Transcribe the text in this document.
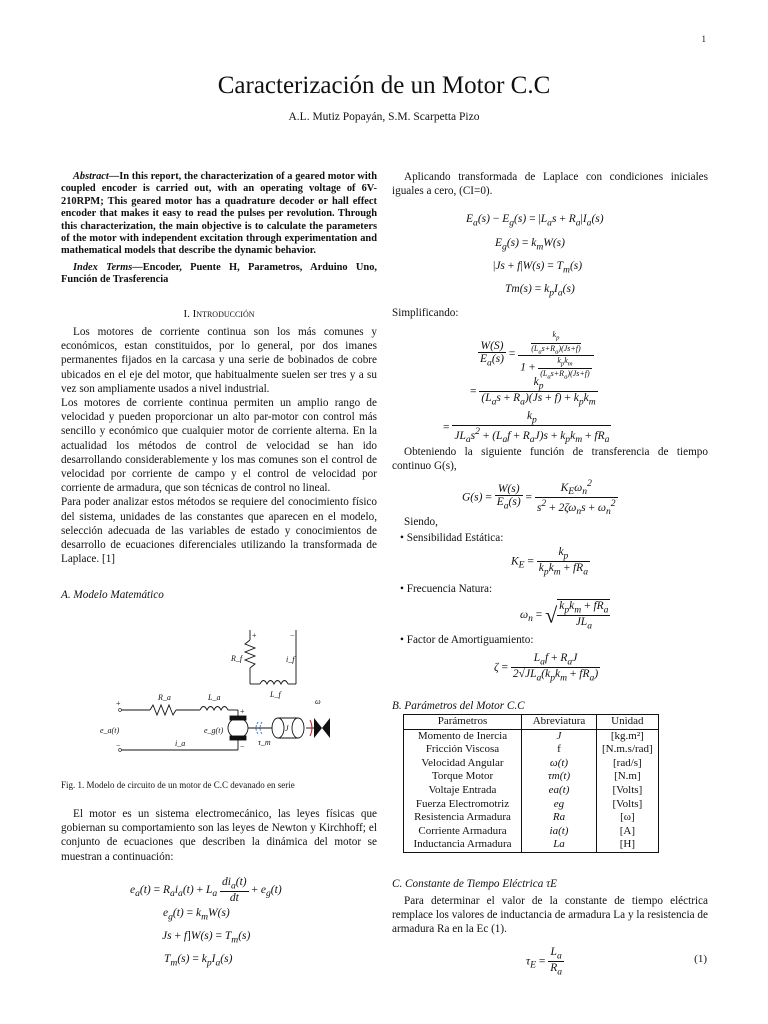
1
Caracterización de un Motor C.C
A.L. Mutiz Popayán, S.M. Scarpetta Pizo
Abstract—In this report, the characterization of a geared motor with coupled encoder is carried out, with an operating voltage of 6V-210RPM; This geared motor has a quadrature decoder or hall effect encoder that makes it easy to read the pulses per revolution. Through this characterization, the main objective is to calculate the parameters of the motor with independent excitation through experimentation and mathematical models that describe the dynamic behavior.
Index Terms—Encoder, Puente H, Parametros, Arduino Uno, Función de Trasferencia
I. Introducción
Los motores de corriente continua son los más comunes y económicos, estan constituidos, por lo general, por dos imanes permanentes fijados en la carcasa y una serie de bobinados de cobre ubicados en el eje del motor, que habitualmente suelen ser tres y a su vez son ampliamente usados a nivel industrial.
Los motores de corriente continua permiten un amplio rango de velocidad y pueden proporcionar un alto par-motor con control más sencillo y económico que cualquier motor de corriente alterna. En la actualidad los métodos de control de velocidad se han ido desarrollando considerablemente y los mas comunes son el control de velocidad por corriente de campo y el control de velocidad por corriente de armadura, que son técnicas de control no lineal.
Para poder analizar estos métodos se requiere del conocimiento físico del sistema, unidades de las constantes que aparecen en el modelo, selección adecuada de las variables de estado y conocimientos de desarrollo de ecuaciones diferenciales utilizando la transformada de Laplace. [1]
A. Modelo Matemático
+
−
+	−
R_f	i_f
L_f
R_a	L_a
e_a(t)	e_g(t)
i_a	τ_m
J
ω
+
−
Fig. 1. Modelo de circuito de un motor de C.C devanado en serie
El motor es un sistema electromecánico, las leyes físicas que gobiernan su comportamiento son las leyes de Newton y Kirchhoff; el conjunto de ecuaciones que describen la dinámica del motor se muestran a continuación:
$e_a(t) = R_ai_a(t) + L_a \frac{di_a(t)}{dt} + e_g(t)$
$e_g(t) = k_mW(s)$
$Js + f]W(s) = T_m(s)$
$T_m(s) = k_pI_a(s)$
Aplicando transformada de Laplace con condiciones iniciales iguales a cero, (CI=0).
$E_a(s) - E_g(s) = |L_as + R_a|I_a(s)$
$E_g(s) = k_mW(s)$
$|Js + f|W(s) = T_m(s)$
$Tm(s) = k_pI_a(s)$
Simplificando:
$\frac{W(S)}{E_a(s)}$ =
$k_p$
$(L_as+R_a)(Js+f)$
$1 + \frac{k_pk_m}{(L_as+R_a)(Js+f)}$
= $\frac{k_p}{(L_as + R_a)(Js + f) + k_pk_m}$
= $\frac{k_p}{JL_as^2 + (L_af + R_aJ)s + k_pk_m + fR_a}$
Obteniendo la siguiente función de transferencia de tiempo continuo G(s),
$G(s) = \frac{W(s)}{E_a(s)} = \frac{K_E\omega_n^2}{s^2 + 2\zeta\omega_ns + \omega_n^2}$
Siendo,
• Sensibilidad Estática:
$K_E = \frac{k_p}{k_pk_m + fR_a}$
• Frecuencia Natura:
$\omega_n$ = √ $\frac{k_pk_m + fR_a}{JL_a}$
• Factor de Amortiguamiento:
$\zeta = \frac{L_af + R_aJ}{2√JL_a(k_pk_m + fR_a)}$
B. Parámetros del Motor C.C
Parámetros	Abreviatura	Unidad
Momento de Inercia	J	[kg.m²]
Fricción Viscosa	f	[N.m.s/rad]
Velocidad Angular	ω(t)	[rad/s]
Torque Motor	τm(t)	[N.m]
Voltaje Entrada	ea(t)	[Volts]
Fuerza Electromotriz	eg	[Volts]
Resistencia Armadura	Ra	[ω]
Corriente Armadura	ia(t)	[A]
Inductancia Armadura	La	[H]
C. Constante de Tiempo Eléctrica τE
Para determinar el valor de la constante de tiempo eléctrica remplace los valores de inductancia de armadura La y la resistencia de armadura Ra en la Ec (1).
$\tau_E = \frac{L_a}{R_a}$	(1)
